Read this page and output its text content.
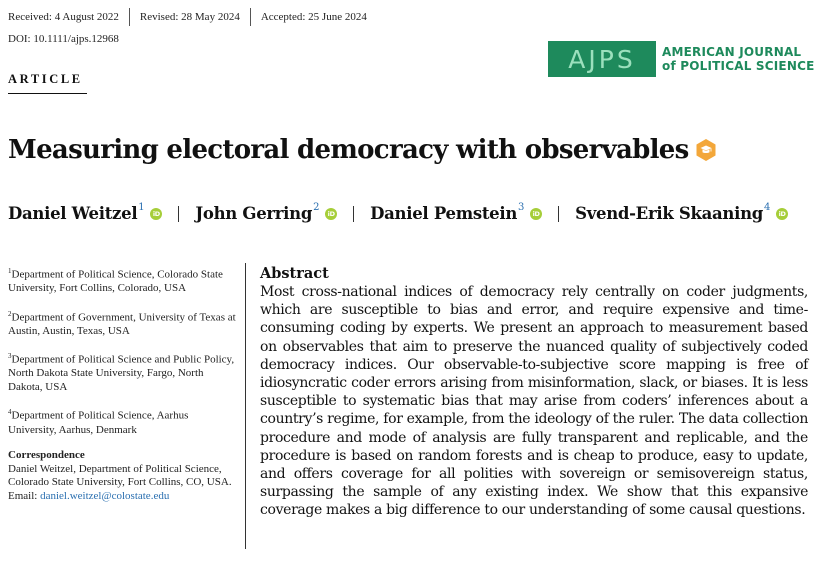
Received: 4 August 2022	Revised: 28 May 2024	Accepted: 25 June 2024
DOI: 10.1111/ajps.12968
ARTICLE
AJPS AMERICAN JOURNAL
of POLITICAL SCIENCE
Measuring electoral democracy with observables
Daniel Weitzel$^1$
iD John Gerring$^2$
iD Daniel Pemstein$^3$
iD Svend-Erik Skaaning$^4$
iD
$^1$Department of Political Science, Colorado State University, Fort Collins, Colorado, USA
$^2$Department of Government, University of Texas at Austin, Austin, Texas, USA
$^3$Department of Political Science and Public Policy, North Dakota State University, Fargo, North Dakota, USA
$^4$Department of Political Science, Aarhus University, Aarhus, Denmark
Correspondence
Daniel Weitzel, Department of Political Science, Colorado State University, Fort Collins, CO, USA.
Email: daniel.weitzel@colostate.edu
Abstract

Most cross-national indices of democracy rely centrally on coder judgments, which are susceptible to bias and error, and require expensive and time-consuming coding by experts. We present an approach to measurement based on observables that aim to preserve the nuanced quality of subjectively coded democracy indices. Our observable-to-subjective score mapping is free of idiosyncratic coder errors arising from misinformation, slack, or biases. It is less susceptible to systematic bias that may arise from coders’ inferences about a country’s regime, for example, from the ideology of the ruler. The data collection procedure and mode of analysis are fully transparent and replicable, and the procedure is based on random forests and is cheap to produce, easy to update, and offers coverage for all polities with sovereign or semisovereign status, surpassing the sample of any existing index. We show that this expansive coverage makes a big difference to our understanding of some causal questions.
